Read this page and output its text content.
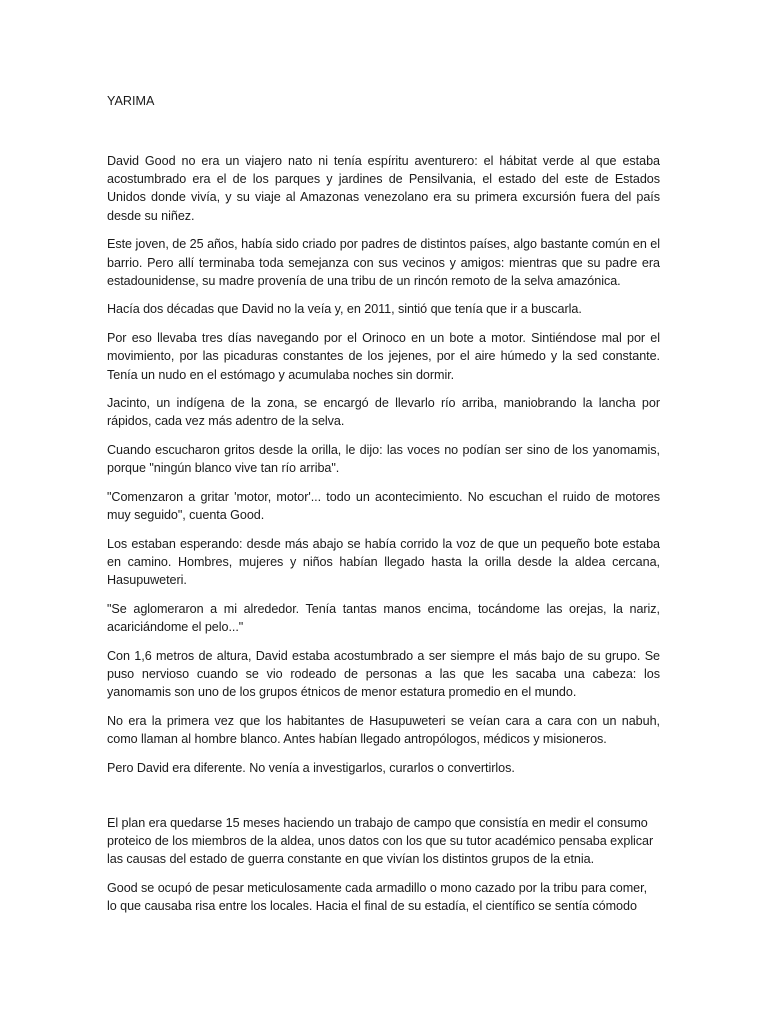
YARIMA

David Good no era un viajero nato ni tenía espíritu aventurero: el hábitat verde al que estaba acostumbrado era el de los parques y jardines de Pensilvania, el estado del este de Estados Unidos donde vivía, y su viaje al Amazonas venezolano era su primera excursión fuera del país desde su niñez.

Este joven, de 25 años, había sido criado por padres de distintos países, algo bastante común en el barrio. Pero allí terminaba toda semejanza con sus vecinos y amigos: mientras que su padre era estadounidense, su madre provenía de una tribu de un rincón remoto de la selva amazónica.

Hacía dos décadas que David no la veía y, en 2011, sintió que tenía que ir a buscarla.

Por eso llevaba tres días navegando por el Orinoco en un bote a motor. Sintiéndose mal por el movimiento, por las picaduras constantes de los jejenes, por el aire húmedo y la sed constante. Tenía un nudo en el estómago y acumulaba noches sin dormir.

Jacinto, un indígena de la zona, se encargó de llevarlo río arriba, maniobrando la lancha por rápidos, cada vez más adentro de la selva.

Cuando escucharon gritos desde la orilla, le dijo: las voces no podían ser sino de los yanomamis, porque "ningún blanco vive tan río arriba".

"Comenzaron a gritar 'motor, motor'... todo un acontecimiento. No escuchan el ruido de motores muy seguido", cuenta Good.

Los estaban esperando: desde más abajo se había corrido la voz de que un pequeño bote estaba en camino. Hombres, mujeres y niños habían llegado hasta la orilla desde la aldea cercana, Hasupuweteri.

"Se aglomeraron a mi alrededor. Tenía tantas manos encima, tocándome las orejas, la nariz, acariciándome el pelo..."

Con 1,6 metros de altura, David estaba acostumbrado a ser siempre el más bajo de su grupo. Se puso nervioso cuando se vio rodeado de personas a las que les sacaba una cabeza: los yanomamis son uno de los grupos étnicos de menor estatura promedio en el mundo.

No era la primera vez que los habitantes de Hasupuweteri se veían cara a cara con un nabuh, como llaman al hombre blanco. Antes habían llegado antropólogos, médicos y misioneros.

Pero David era diferente. No venía a investigarlos, curarlos o convertirlos.

El plan era quedarse 15 meses haciendo un trabajo de campo que consistía en medir el consumo proteico de los miembros de la aldea, unos datos con los que su tutor académico pensaba explicar las causas del estado de guerra constante en que vivían los distintos grupos de la etnia.

Good se ocupó de pesar meticulosamente cada armadillo o mono cazado por la tribu para comer, lo que causaba risa entre los locales. Hacia el final de su estadía, el científico se sentía cómodo
